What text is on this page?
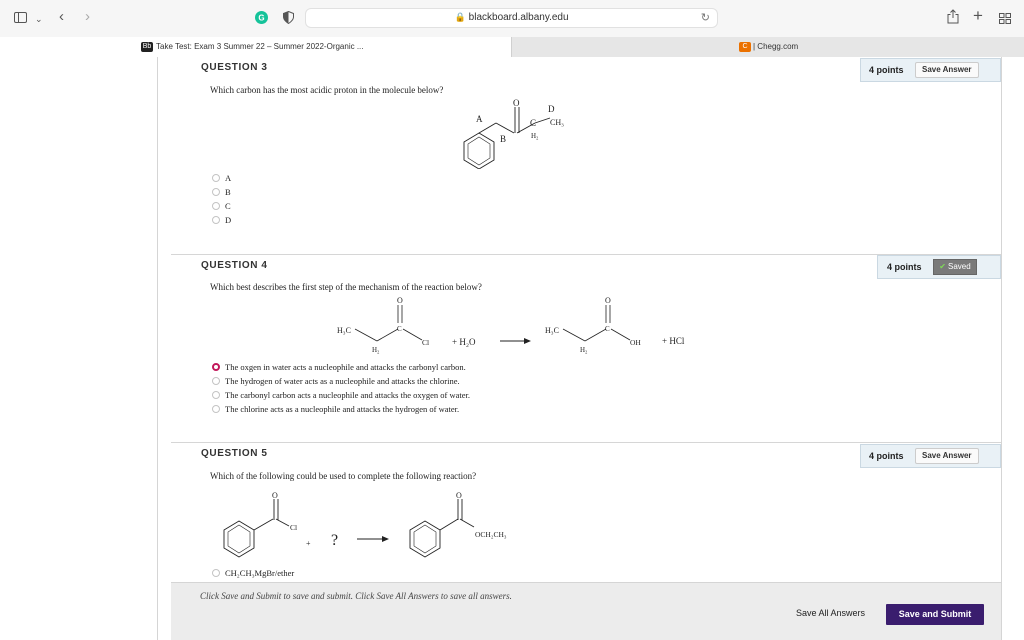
⌄ ‹ ›	G	🔒 blackboard.albany.edu	↻	+
Bb Take Test: Exam 3 Summer 22 – Summer 2022-Organic ...	C | Chegg.com
QUESTION 3	4 points	Save Answer
Which carbon has the most acidic proton in the molecule below?
O
A
B
C
D
CH₃
H₂
A
B
C
D
QUESTION 4	4 points	✔ Saved
Which best describes the first step of the mechanism of the reaction below?
H₃C
H₂
C
O
Cl	+ H₂O
H₃C
H₂
C
O
OH + HCl
The oxgen in water acts a nucleophile and attacks the carbonyl carbon.
The hydrogen of water acts as a nucleophile and attacks the chlorine.
The carbonyl carbon acts a nucleophile and attacks the oxygen of water.
The chlorine acts as a nucleophile and attacks the hydrogen of water.
QUESTION 5	4 points	Save Answer
Which of the following could be used to complete the following reaction?
O
Cl
+ ?
O
OCH₂CH₃
CH₂CH₃MgBr/ether
Click Save and Submit to save and submit. Click Save All Answers to save all answers.
Save All Answers	Save and Submit
